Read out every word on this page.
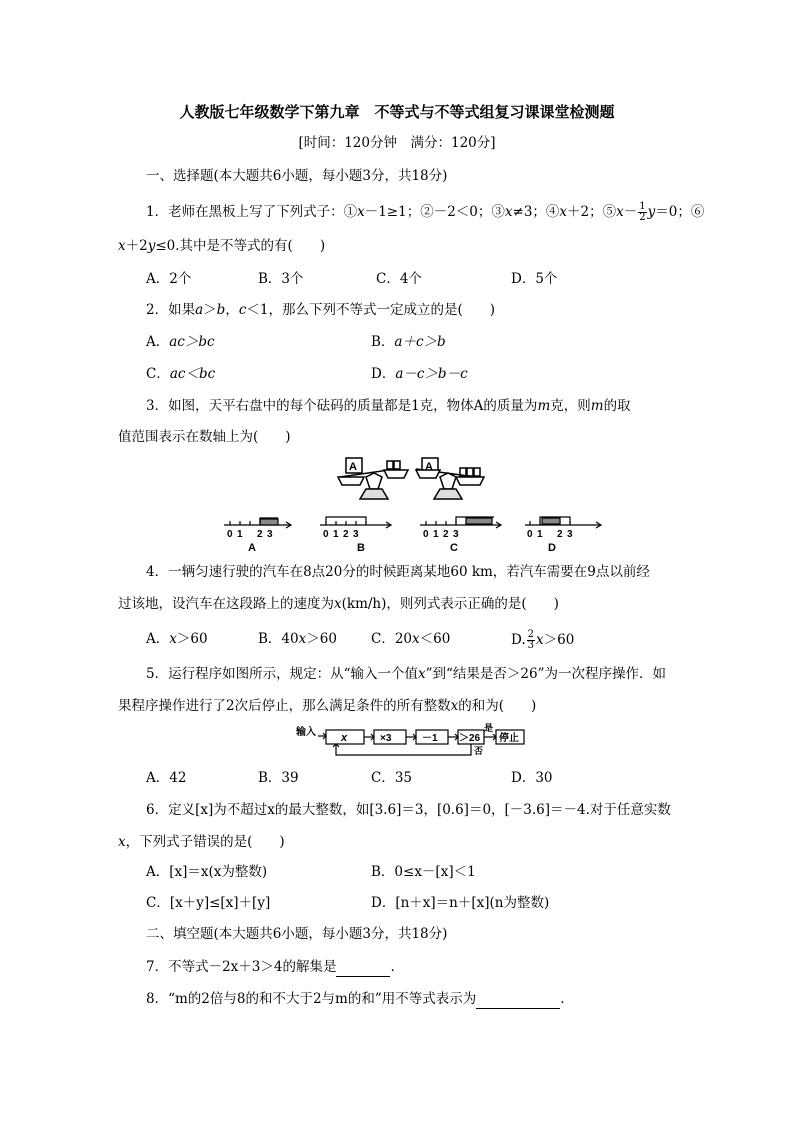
人教版七年级数学下第九章　不等式与不等式组复习课课堂检测题
[时间：120分钟　满分：120分]
一、选择题(本大题共6小题，每小题3分，共18分)
1．老师在黑板上写了下列式子：①x－1≥1；②－2＜0；③x≠3；④x＋2；⑤x－ $\frac{1}{2} y=0$；⑥
x＋2y≤0.其中是不等式的有(　　)
A．2个	B．3个	C．4个	D．5个
2．如果a＞b，c＜1，那么下列不等式一定成立的是(　　)
A．ac＞bc	B．a＋c＞b
C．ac＜bc	D．a－c＞b－c
3．如图，天平右盘中的每个砝码的质量都是1克，物体A的质量为m克，则m的取
值范围表示在数轴上为(　　)
A	A
0 1 2 3
A
0 1 2 3
B
0 1 2 3
C
0 1 2 3
D
4．一辆匀速行驶的汽车在8点20分的时候距离某地60 km，若汽车需要在9点以前经
过该地，设汽车在这段路上的速度为x(km/h)，则列式表示正确的是(　　)
A．x＞60	B．40x＞60	C．20x＜60	D. $\frac{2}{3} x>60$
5．运行程序如图所示，规定：从“输入一个值x”到“结果是否＞26”为一次程序操作．如
果程序操作进行了2次后停止，那么满足条件的所有整数x的和为(　　)
输入 x	×3	－1 ＞26
是
否
停止
A．42	B．39	C．35	D．30
6．定义[x]为不超过x的最大整数，如[3.6]＝3，[0.6]＝0，[－3.6]＝－4.对于任意实数
x，下列式子错误的是(　　)
A．[x]＝x(x为整数)	B．0≤x－[x]＜1
C．[x＋y]≤[x]＋[y]	D．[n＋x]＝n＋[x](n为整数)
二、填空题(本大题共6小题，每小题3分，共18分)
7．不等式－2x＋3＞4的解集是	.
8．“m的2倍与8的和不大于2与m的和”用不等式表示为	.
